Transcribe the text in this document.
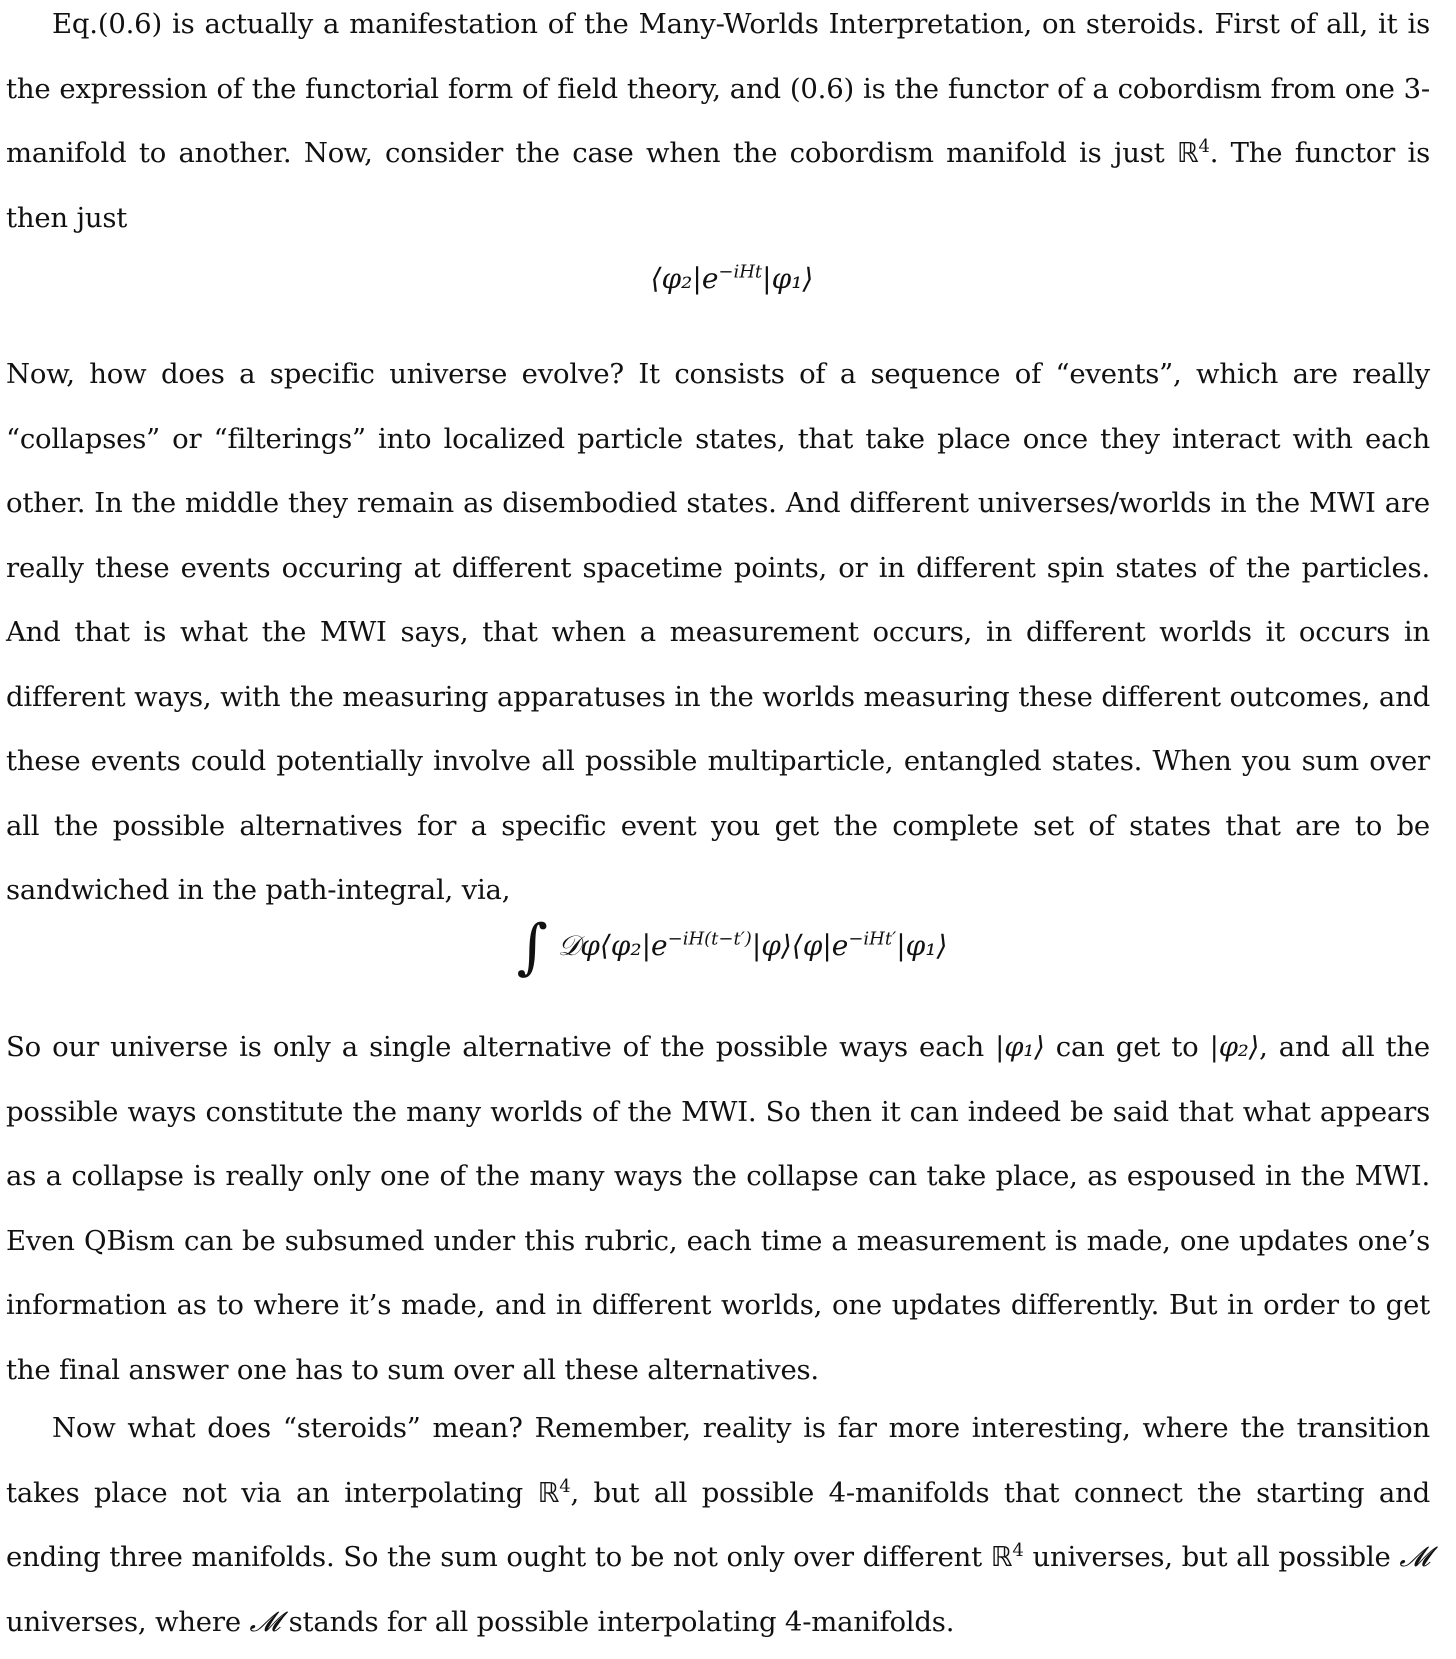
Eq.(0.6) is actually a manifestation of the Many-Worlds Interpretation, on steroids. First of all, it is the expression of the functorial form of field theory, and (0.6) is the functor of a cobordism from one 3-manifold to another. Now, consider the case when the cobordism manifold is just ℝ$^4$. The functor is then just

$⟨\varphi_2|e^{-iHt}|\varphi_1⟩$

Now, how does a specific universe evolve? It consists of a sequence of “events”, which are really “collapses” or “filterings” into localized particle states, that take place once they interact with each other. In the middle they remain as disembodied states. And different universes/worlds in the MWI are really these events occuring at different spacetime points, or in different spin states of the particles. And that is what the MWI says, that when a measurement occurs, in different worlds it occurs in different ways, with the measuring apparatuses in the worlds measuring these different outcomes, and these events could potentially involve all possible multiparticle, entangled states. When you sum over all the possible alternatives for a specific event you get the complete set of states that are to be sandwiched in the path-integral, via,

∫ $𝒟\varphi⟨\varphi_2|e^{-iH(t-t')}|\varphi⟩⟨\varphi|e^{-iHt'}|\varphi_1⟩$

So our universe is only a single alternative of the possible ways each |φ₁⟩ can get to |φ₂⟩, and all the possible ways constitute the many worlds of the MWI. So then it can indeed be said that what appears as a collapse is really only one of the many ways the collapse can take place, as espoused in the MWI. Even QBism can be subsumed under this rubric, each time a measurement is made, one updates one’s information as to where it’s made, and in different worlds, one updates differently. But in order to get the final answer one has to sum over all these alternatives.

Now what does “steroids” mean? Remember, reality is far more interesting, where the transition takes place not via an interpolating ℝ$^4$, but all possible 4-manifolds that connect the starting and ending three manifolds. So the sum ought to be not only over different ℝ$^4$ universes, but all possible 𝓜 universes, where 𝓜 stands for all possible interpolating 4-manifolds.
